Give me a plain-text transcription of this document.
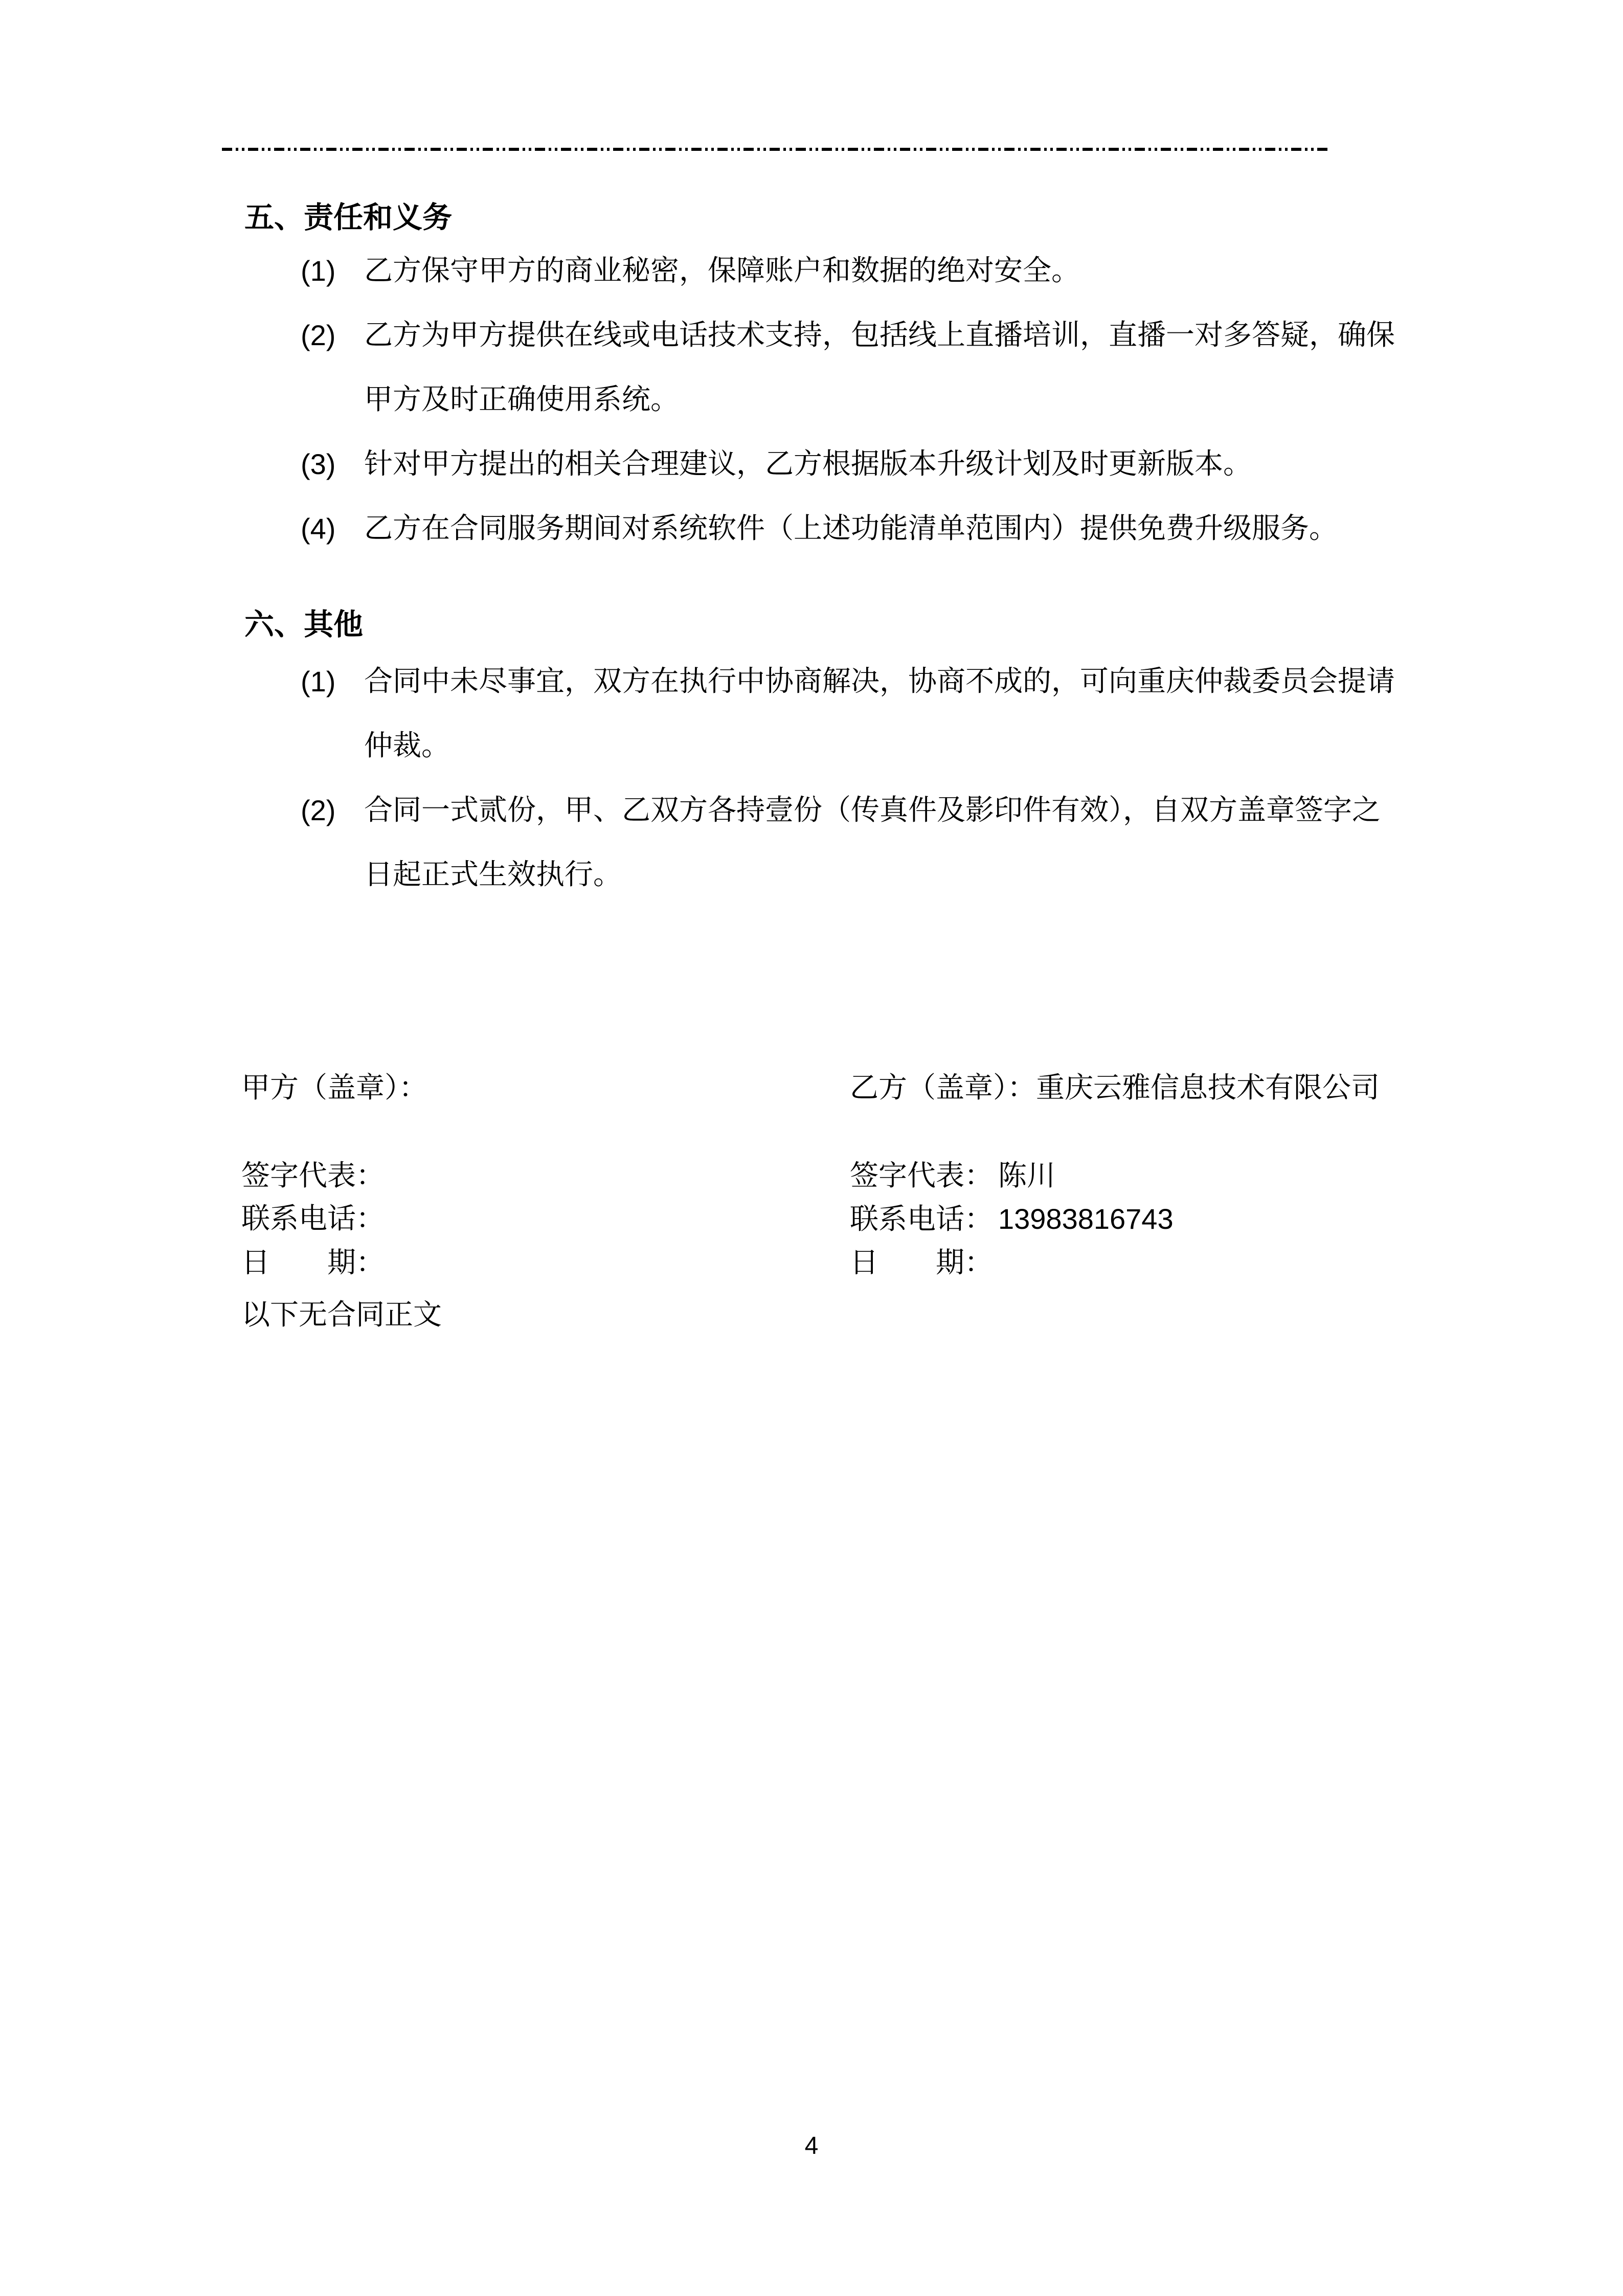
五、责任和义务
(1) 乙方保守甲方的商业秘密，保障账户和数据的绝对安全。
(2) 乙方为甲方提供在线或电话技术支持，包括线上直播培训，直播一对多答疑，确保甲方及时正确使用系统。
(3) 针对甲方提出的相关合理建议，乙方根据版本升级计划及时更新版本。
(4) 乙方在合同服务期间对系统软件（上述功能清单范围内）提供免费升级服务。
六、其他
(1) 合同中未尽事宜，双方在执行中协商解决，协商不成的，可向重庆仲裁委员会提请仲裁。
(2) 合同一式贰份，甲、乙双方各持壹份（传真件及影印件有效），自双方盖章签字之日起正式生效执行。
甲方（盖章）：	乙方（盖章）：重庆云雅信息技术有限公司
签字代表：	签字代表： 陈川
联系电话：	联系电话： 13983816743
日　　期：	日　　期：
以下无合同正文
4
